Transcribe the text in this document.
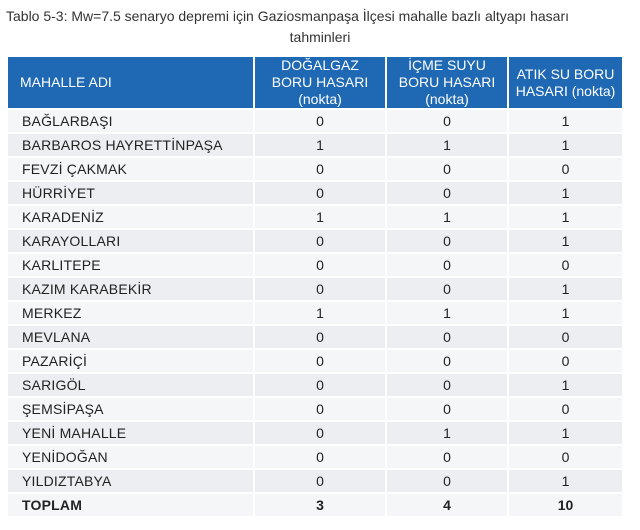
Tablo 5-3: Mw=7.5 senaryo depremi için Gaziosmanpaşa İlçesi mahalle bazlı altyapı hasarı
tahminleri
MAHALLE ADI	DOĞALGAZ BORU HASARI (nokta)	İÇME SUYU BORU HASARI (nokta)	ATIK SU BORU HASARI (nokta)
BAĞLARBAŞI	0	0	1
BARBAROS HAYRETTİNPAŞA	1	1	1
FEVZİ ÇAKMAK	0	0	0
HÜRRİYET	0	0	1
KARADENİZ	1	1	1
KARAYOLLARI	0	0	1
KARLITEPE	0	0	0
KAZIM KARABEKİR	0	0	1
MERKEZ	1	1	1
MEVLANA	0	0	0
PAZARİÇİ	0	0	0
SARIGÖL	0	0	1
ŞEMSİPAŞA	0	0	0
YENİ MAHALLE	0	1	1
YENİDOĞAN	0	0	0
YILDIZTABYA	0	0	1
TOPLAM	3	4	10
